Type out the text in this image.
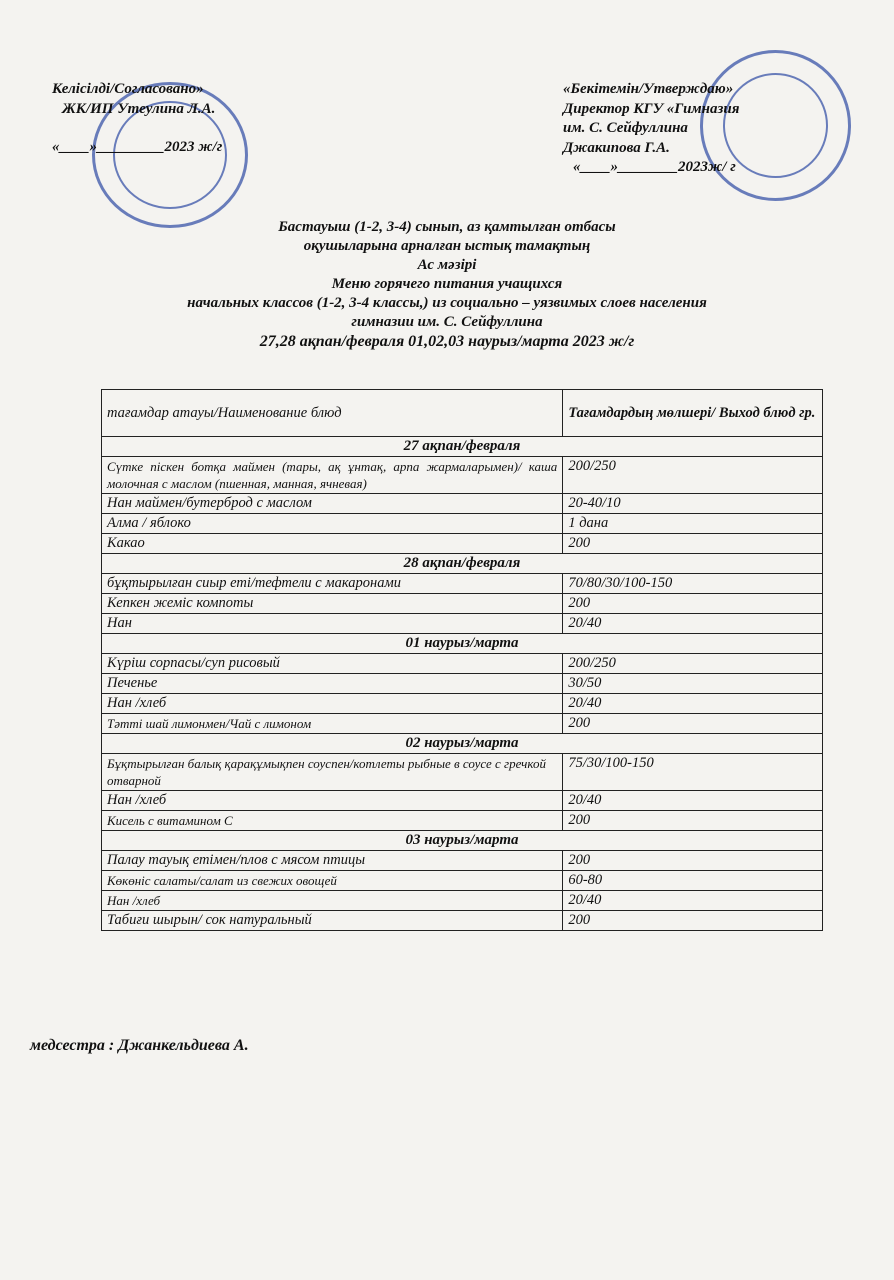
Келісілді/Согласовано»
ЖК/ИП Утеулина Л.А.
«____»_________2023 ж/г
«Бекітемін/Утверждаю»
Директор КГУ «Гимназия
им. С. Сейфуллина
Джакипова Г.А.
«____»________2023ж/ г
Бастауыш (1-2, 3-4) сынып, аз қамтылған отбасы
оқушыларына арналған ыстық тамақтың
Ас мәзірі
Меню горячего питания учащихся
начальных классов (1-2, 3-4 классы,) из социально – уязвимых слоев населения
гимназии им. С. Сейфуллина
27,28 ақпан/февраля 01,02,03 наурыз/марта 2023 ж/г
тағамдар атауы/Наименование блюд	Тағамдардың мөлшері/ Выход блюд гр.
27 ақпан/февраля	
Сүтке піскен ботқа маймен (тары, ақ ұнтақ, арпа жармаларымен)/ каша молочная с маслом (пшенная, манная, ячневая)	200/250
Нан маймен/бутерброд с маслом	20-40/10
Алма / яблоко	1 дана
Какао	200
28 ақпан/февраля	
бұқтырылған сиыр еті/тефтели с макаронами	70/80/30/100-150
Кепкен жеміс компоты	200
Нан	20/40
01 наурыз/марта	
Күріш сорпасы/суп рисовый	200/250
Печенье	30/50
Нан /хлеб	20/40
Тәтті шай лимонмен/Чай с лимоном	200
02 наурыз/марта	
Бұқтырылған балық қарақұмықпен соуспен/котлеты рыбные в соусе с гречкой отварной	75/30/100-150
Нан /хлеб	20/40
Кисель с витамином С	200
03 наурыз/марта	
Палау тауық етімен/плов с мясом птицы	200
Көкөніс салаты/салат из свежих овощей	60-80
Нан /хлеб	20/40
Табиғи шырын/ сок натуральный	200
медсестра : Джанкельдиева А.
